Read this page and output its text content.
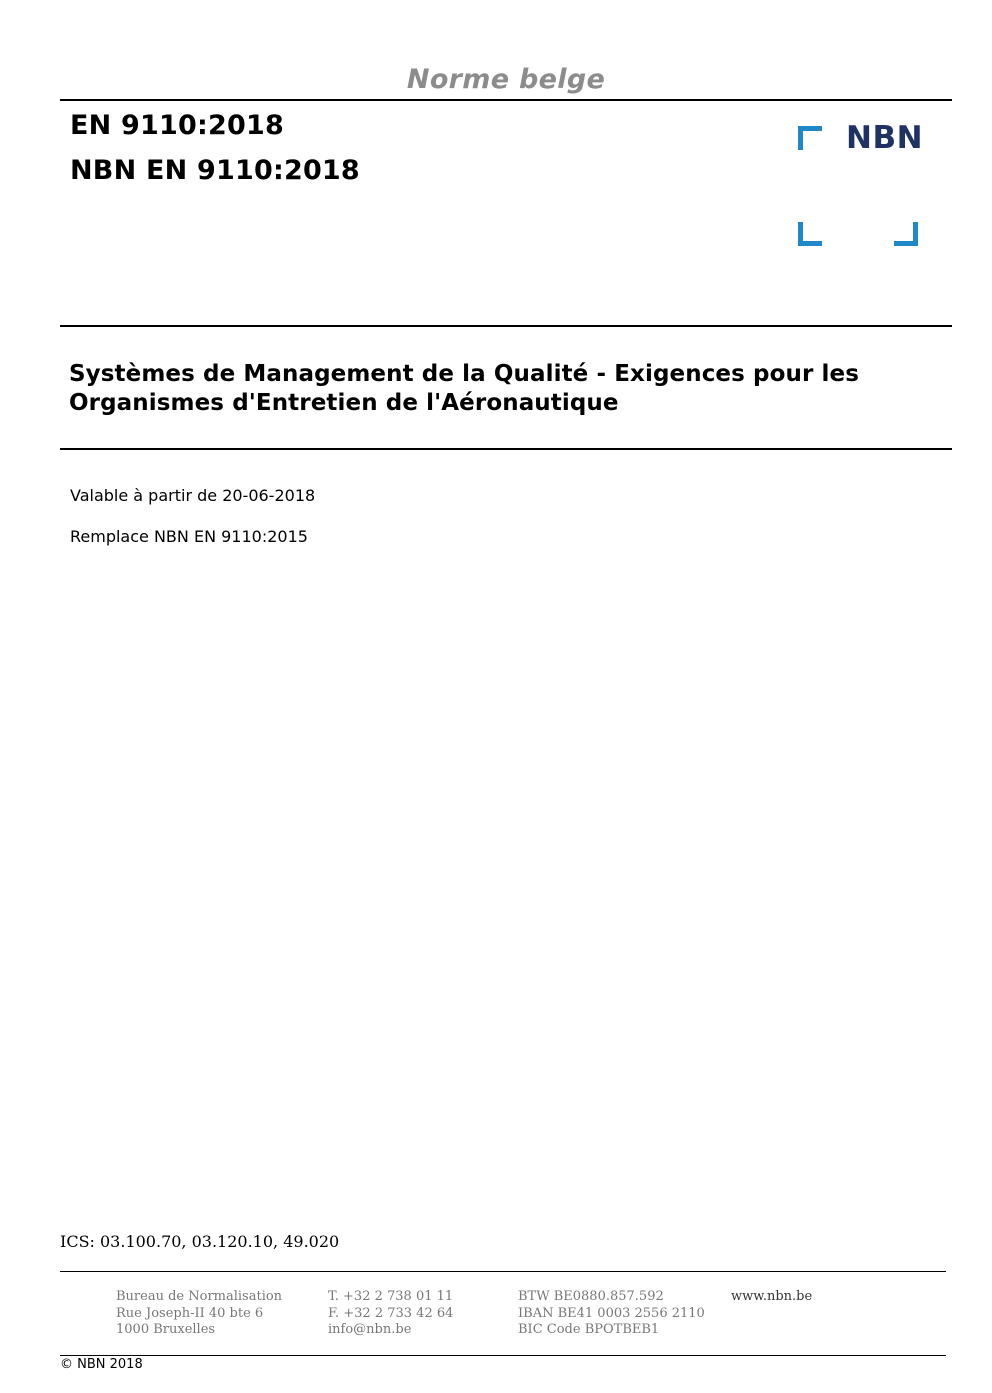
Norme belge
EN 9110:2018
NBN EN 9110:2018
NBN
Systèmes de Management de la Qualité - Exigences pour les
Organismes d'Entretien de l'Aéronautique
Valable à partir de 20-06-2018
Remplace NBN EN 9110:2015
ICS: 03.100.70, 03.120.10, 49.020
Bureau de Normalisation
Rue Joseph-II 40 bte 6
1000 Bruxelles
T. +32 2 738 01 11
F. +32 2 733 42 64
info@nbn.be
BTW BE0880.857.592
IBAN BE41 0003 2556 2110
BIC Code BPOTBEB1
www.nbn.be
© NBN 2018
